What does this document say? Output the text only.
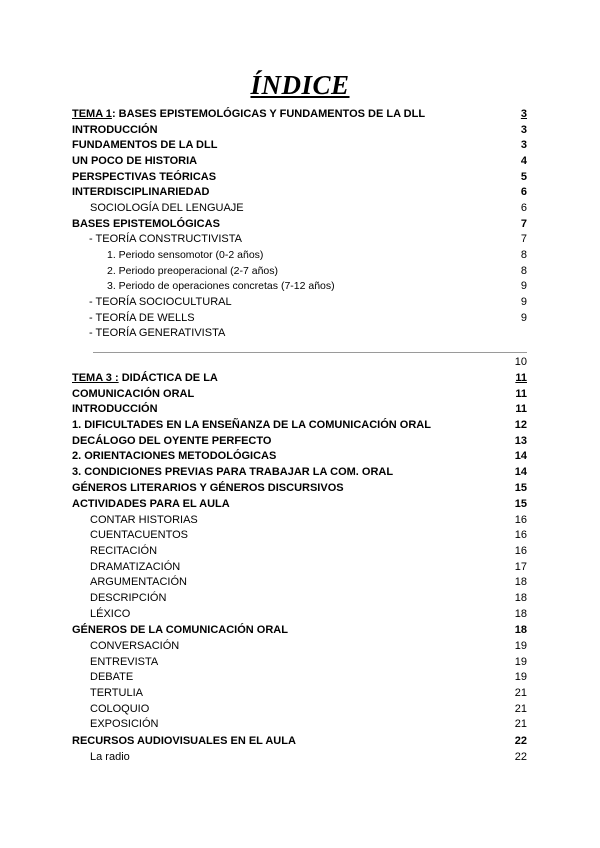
ÍNDICE
TEMA 1: BASES EPISTEMOLÓGICAS Y FUNDAMENTOS DE LA DLL	3
INTRODUCCIÓN	3
FUNDAMENTOS DE LA DLL	3
UN POCO DE HISTORIA	4
PERSPECTIVAS TEÓRICAS	5
INTERDISCIPLINARIEDAD	6
SOCIOLOGÍA DEL LENGUAJE	6
BASES EPISTEMOLÓGICAS	7
- TEORÍA CONSTRUCTIVISTA	7
1. Periodo sensomotor (0-2 años)	8
2. Periodo preoperacional (2-7 años)	8
3. Periodo de operaciones concretas (7-12 años)	9
- TEORÍA SOCIOCULTURAL	9
- TEORÍA DE WELLS	9
- TEORÍA GENERATIVISTA
10
TEMA 3 : DIDÁCTICA DE LA	11
COMUNICACIÓN ORAL	11
INTRODUCCIÓN	11
1. DIFICULTADES EN LA ENSEÑANZA DE LA COMUNICACIÓN ORAL	12
DECÁLOGO DEL OYENTE PERFECTO	13
2. ORIENTACIONES METODOLÓGICAS	14
3. CONDICIONES PREVIAS PARA TRABAJAR LA COM. ORAL	14
GÉNEROS LITERARIOS Y GÉNEROS DISCURSIVOS	15
ACTIVIDADES PARA EL AULA	15
CONTAR HISTORIAS	16
CUENTACUENTOS	16
RECITACIÓN	16
DRAMATIZACIÓN	17
ARGUMENTACIÓN	18
DESCRIPCIÓN	18
LÉXICO	18
GÉNEROS DE LA COMUNICACIÓN ORAL	18
CONVERSACIÓN	19
ENTREVISTA	19
DEBATE	19
TERTULIA	21
COLOQUIO	21
EXPOSICIÓN	21
RECURSOS AUDIOVISUALES EN EL AULA	22
La radio	22
